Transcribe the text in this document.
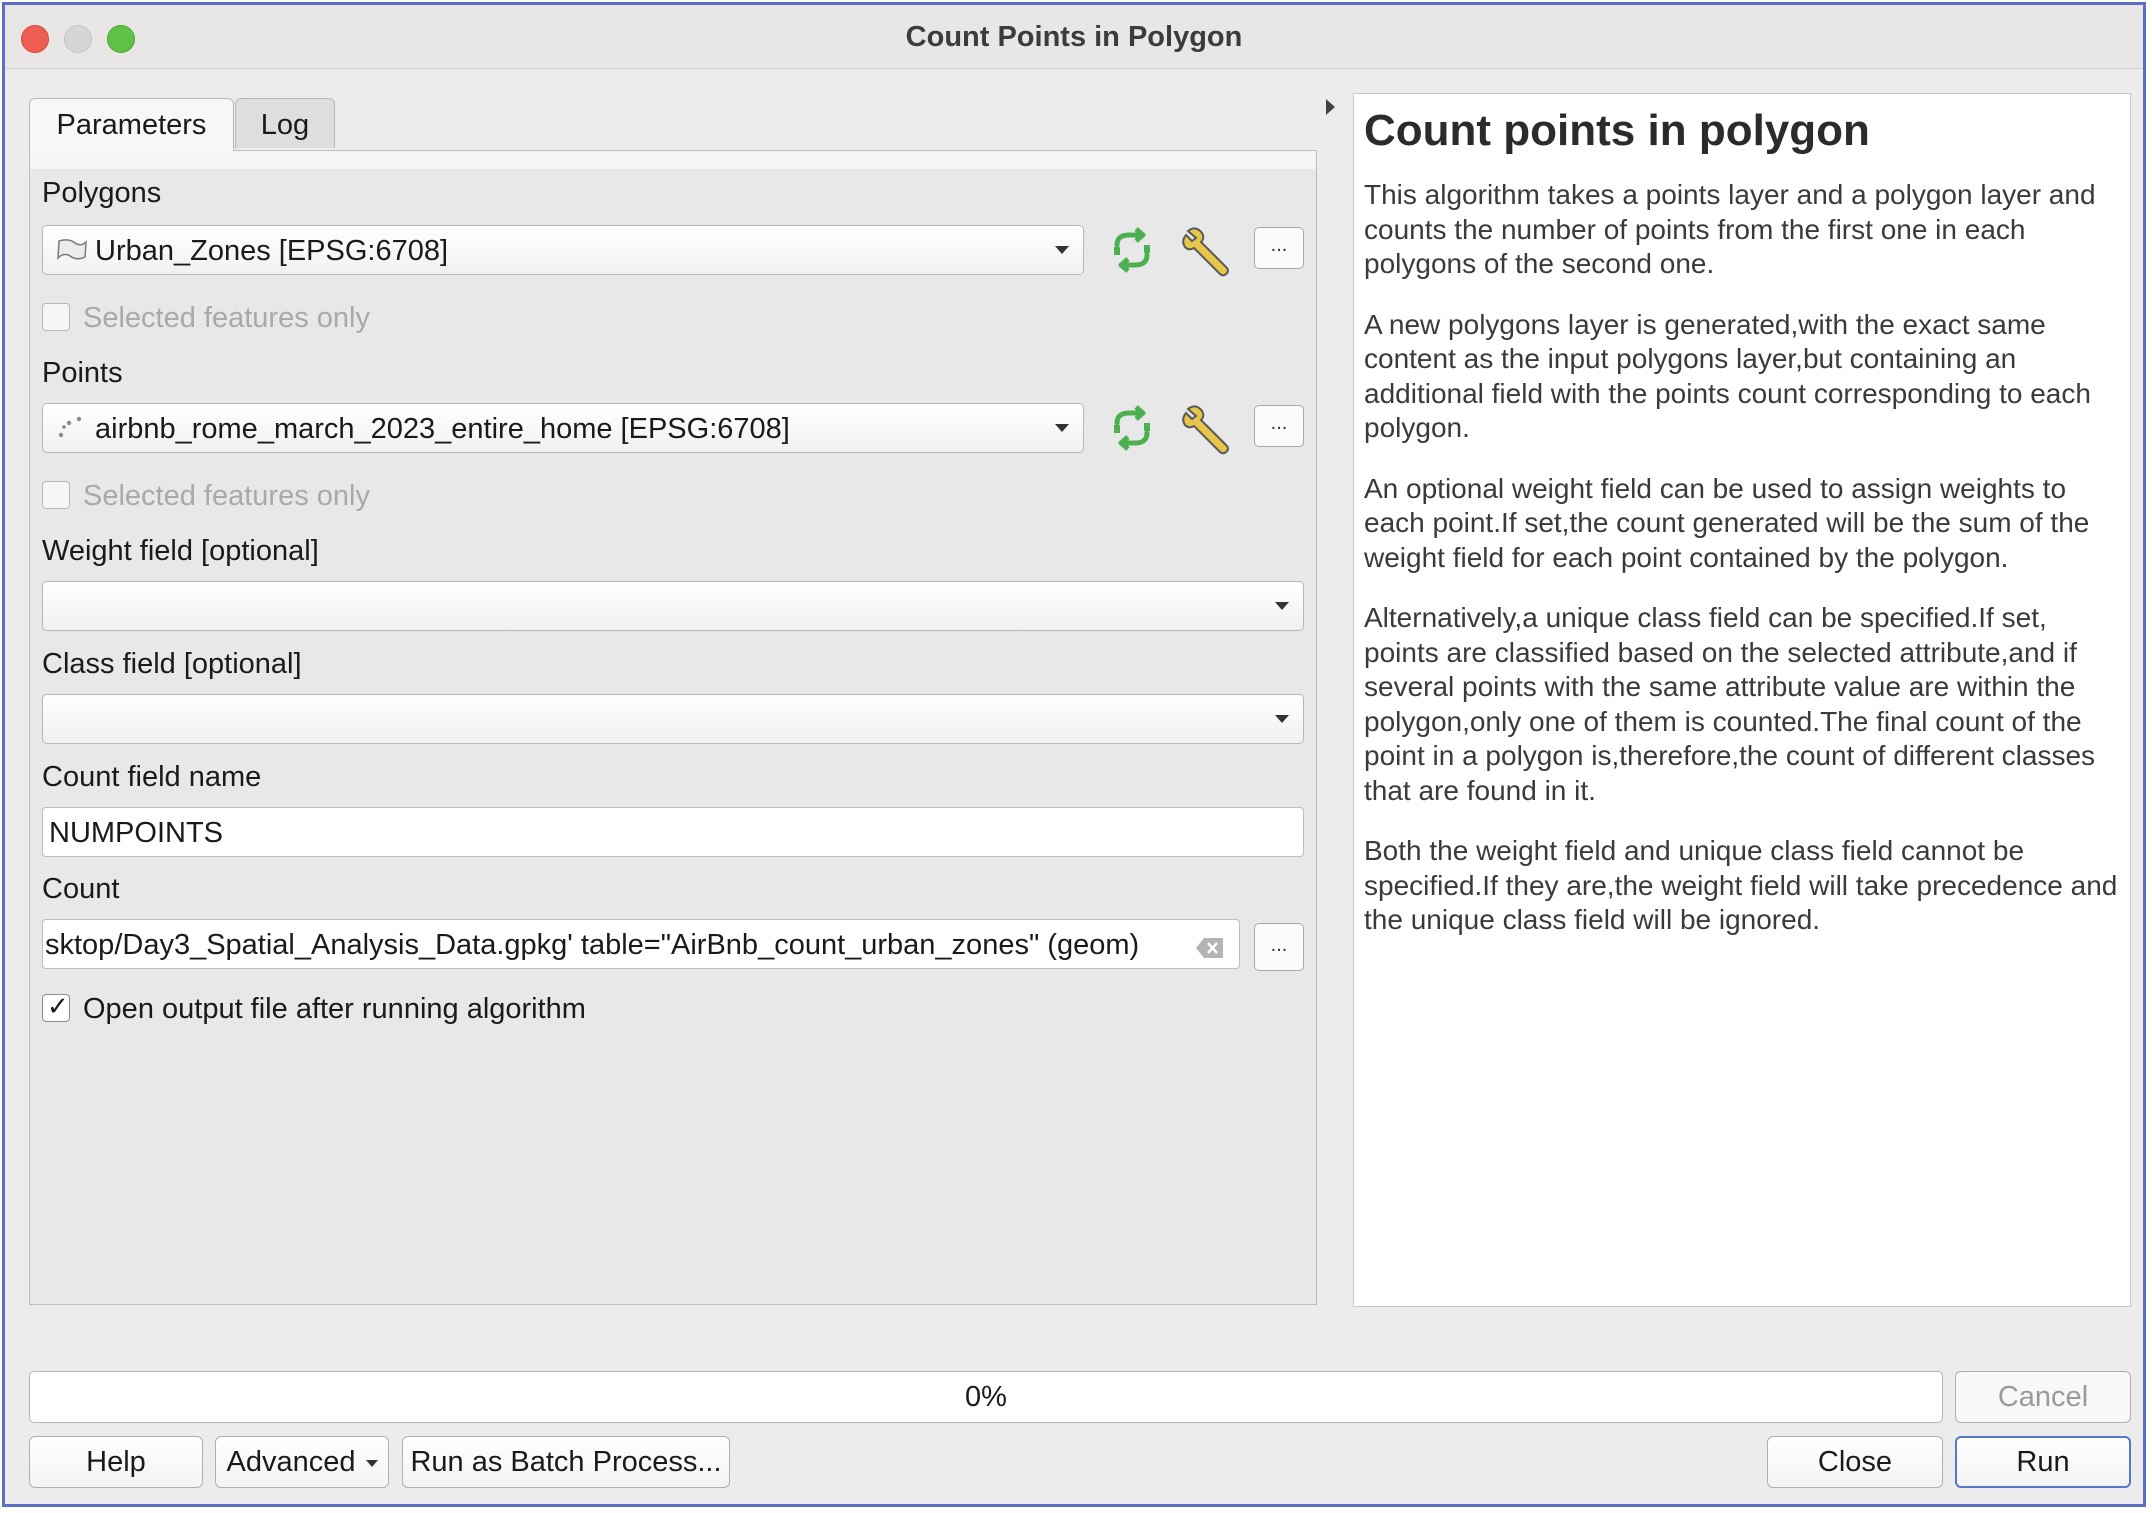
Count Points in Polygon
Parameters	Log
Polygons
Urban_Zones [EPSG:6708]	...
Selected features only
Points
airbnb_rome_march_2023_entire_home [EPSG:6708]	...
Selected features only
Weight field [optional]
Class field [optional]
Count field name
NUMPOINTS
Count
sktop/Day3_Spatial_Analysis_Data.gpkg' table="AirBnb_count_urban_zones" (geom)	...
✓ Open output file after running algorithm
Count points in polygon

This algorithm takes a points layer and a polygon layer and counts the number of points from the first one in each polygons of the second one.

A new polygons layer is generated,with the exact same content as the input polygons layer,but containing an additional field with the points count corresponding to each polygon.

An optional weight field can be used to assign weights to each point.If set,the count generated will be the sum of the weight field for each point contained by the polygon.

Alternatively,a unique class field can be specified.If set, points are classified based on the selected attribute,and if several points with the same attribute value are within the polygon,only one of them is counted.The final count of the point in a polygon is,therefore,the count of different classes that are found in it.

Both the weight field and unique class field cannot be specified.If they are,the weight field will take precedence and the unique class field will be ignored.

0%	Cancel
Help	Advanced	Run as Batch Process...	Close	Run
